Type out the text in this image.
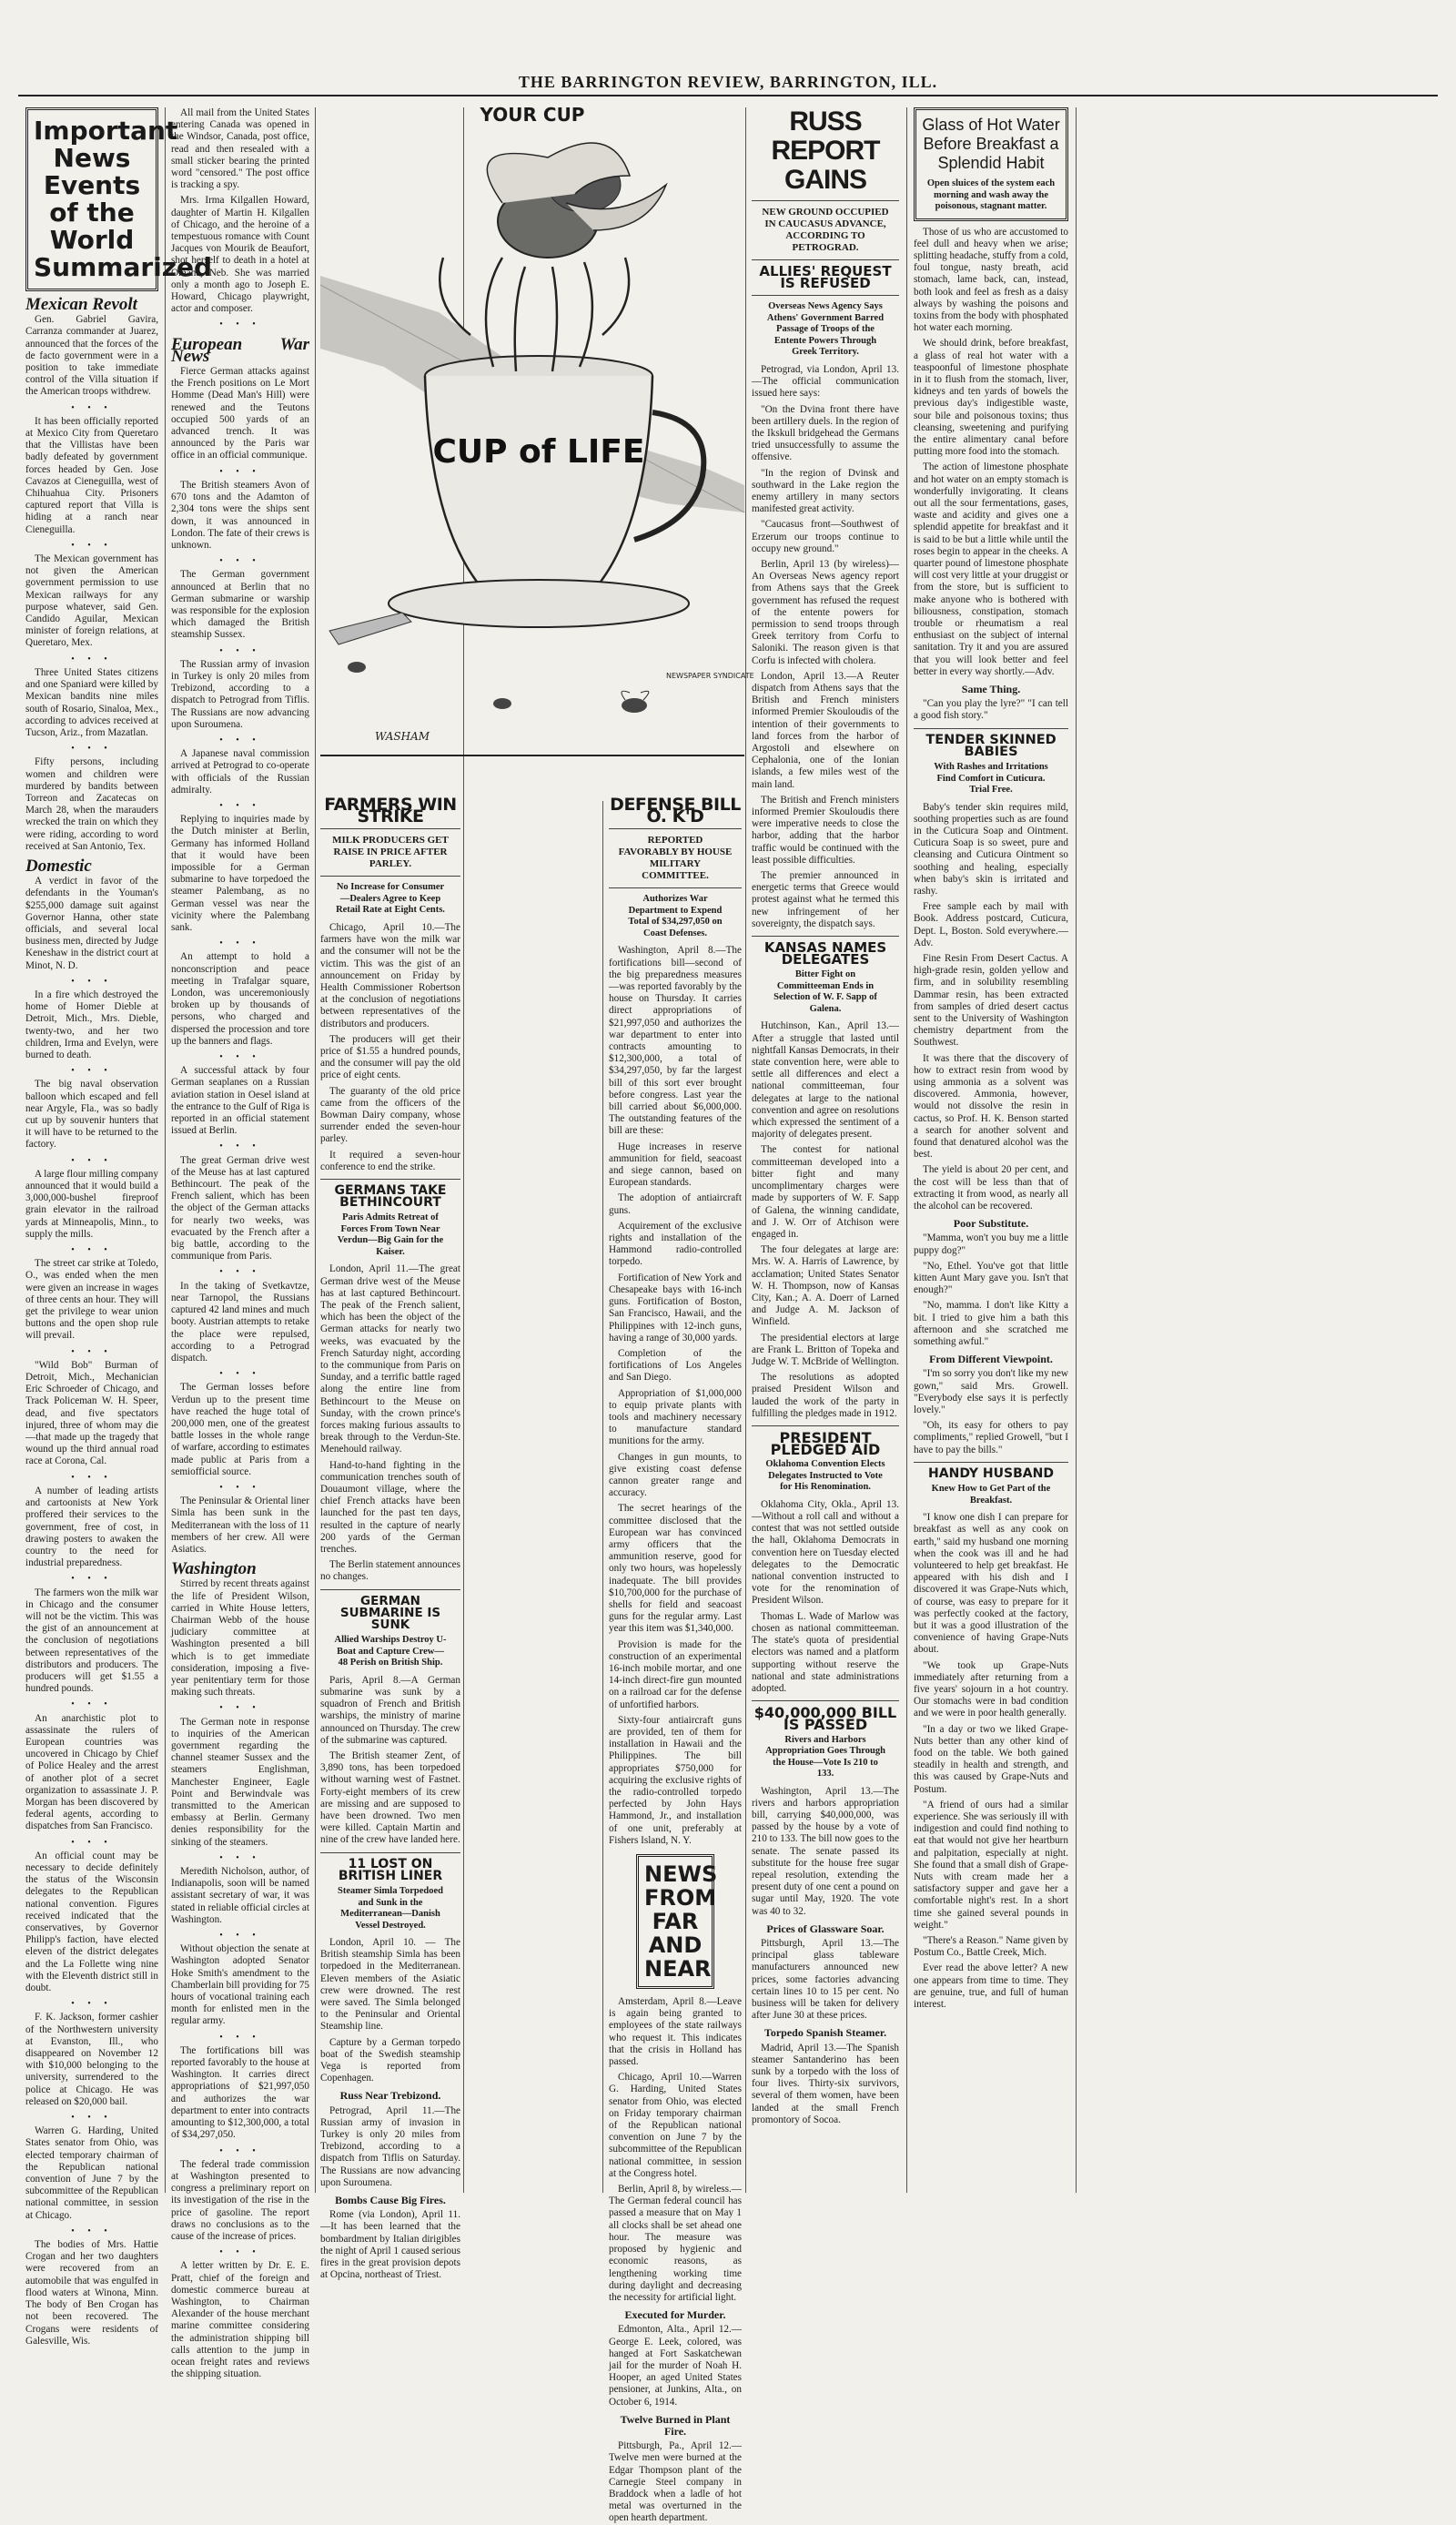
THE BARRINGTON REVIEW, BARRINGTON, ILL.
Important News Events of the World Summarized
Mexican Revolt

Gen. Gabriel Gavira, Carranza commander at Juarez, announced that the forces of the de facto government were in a position to take immediate control of the Villa situation if the American troops withdrew.

• • •

It has been officially reported at Mexico City from Queretaro that the Villistas have been badly defeated by government forces headed by Gen. Jose Cavazos at Cieneguilla, west of Chihuahua City. Prisoners captured report that Villa is hiding at a ranch near Cieneguilla.

• • •

The Mexican government has not given the American government permission to use Mexican railways for any purpose whatever, said Gen. Candido Aguilar, Mexican minister of foreign relations, at Queretaro, Mex.

• • •

Three United States citizens and one Spaniard were killed by Mexican bandits nine miles south of Rosario, Sinaloa, Mex., according to advices received at Tucson, Ariz., from Mazatlan.

• • •

Fifty persons, including women and children were murdered by bandits between Torreon and Zacatecas on March 28, when the marauders wrecked the train on which they were riding, according to word received at San Antonio, Tex.

Domestic

A verdict in favor of the defendants in the Youman's $255,000 damage suit against Governor Hanna, other state officials, and several local business men, directed by Judge Keneshaw in the district court at Minot, N. D.

• • •

In a fire which destroyed the home of Homer Dieble at Detroit, Mich., Mrs. Dieble, twenty-two, and her two children, Irma and Evelyn, were burned to death.

• • •

The big naval observation balloon which escaped and fell near Argyle, Fla., was so badly cut up by souvenir hunters that it will have to be returned to the factory.

• • •

A large flour milling company announced that it would build a 3,000,000-bushel fireproof grain elevator in the railroad yards at Minneapolis, Minn., to supply the mills.

• • •

The street car strike at Toledo, O., was ended when the men were given an increase in wages of three cents an hour. They will get the privilege to wear union buttons and the open shop rule will prevail.

• • •

"Wild Bob" Burman of Detroit, Mich., Mechanician Eric Schroeder of Chicago, and Track Policeman W. H. Speer, dead, and five spectators injured, three of whom may die—that made up the tragedy that wound up the third annual road race at Corona, Cal.

• • •

A number of leading artists and cartoonists at New York proffered their services to the government, free of cost, in drawing posters to awaken the country to the need for industrial preparedness.

• • •

The farmers won the milk war in Chicago and the consumer will not be the victim. This was the gist of an announcement at the conclusion of negotiations between representatives of the distributors and producers. The producers will get $1.55 a hundred pounds.

• • •

An anarchistic plot to assassinate the rulers of European countries was uncovered in Chicago by Chief of Police Healey and the arrest of another plot of a secret organization to assassinate J. P. Morgan has been discovered by federal agents, according to dispatches from San Francisco.

• • •

An official count may be necessary to decide definitely the status of the Wisconsin delegates to the Republican national convention. Figures received indicated that the conservatives, by Governor Philipp's faction, have elected eleven of the district delegates and the La Follette wing nine with the Eleventh district still in doubt.

• • •

F. K. Jackson, former cashier of the Northwestern university at Evanston, Ill., who disappeared on November 12 with $10,000 belonging to the university, surrendered to the police at Chicago. He was released on $20,000 bail.

• • •

Warren G. Harding, United States senator from Ohio, was elected temporary chairman of the Republican national convention of June 7 by the subcommittee of the Republican national committee, in session at Chicago.

• • •

The bodies of Mrs. Hattie Crogan and her two daughters were recovered from an automobile that was engulfed in flood waters at Winona, Minn. The body of Ben Crogan has not been recovered. The Crogans were residents of Galesville, Wis.

All mail from the United States entering Canada was opened in the Windsor, Canada, post office, read and then resealed with a small sticker bearing the printed word "censored." The post office is tracking a spy.

Mrs. Irma Kilgallen Howard, daughter of Martin H. Kilgallen of Chicago, and the heroine of a tempestuous romance with Count Jacques von Mourik de Beaufort, shot herself to death in a hotel at Omaha, Neb. She was married only a month ago to Joseph E. Howard, Chicago playwright, actor and composer.

• • •
European War News

Fierce German attacks against the French positions on Le Mort Homme (Dead Man's Hill) were renewed and the Teutons occupied 500 yards of an advanced trench. It was announced by the Paris war office in an official communique.

• • •

The British steamers Avon of 670 tons and the Adamton of 2,304 tons were the ships sent down, it was announced in London. The fate of their crews is unknown.

• • •

The German government announced at Berlin that no German submarine or warship was responsible for the explosion which damaged the British steamship Sussex.

• • •

The Russian army of invasion in Turkey is only 20 miles from Trebizond, according to a dispatch to Petrograd from Tiflis. The Russians are now advancing upon Suroumena.

• • •

A Japanese naval commission arrived at Petrograd to co-operate with officials of the Russian admiralty.

• • •

Replying to inquiries made by the Dutch minister at Berlin, Germany has informed Holland that it would have been impossible for a German submarine to have torpedoed the steamer Palembang, as no German vessel was near the vicinity where the Palembang sank.

• • •

An attempt to hold a nonconscription and peace meeting in Trafalgar square, London, was unceremoniously broken up by thousands of persons, who charged and dispersed the procession and tore up the banners and flags.

• • •

A successful attack by four German seaplanes on a Russian aviation station in Oesel island at the entrance to the Gulf of Riga is reported in an official statement issued at Berlin.

• • •

The great German drive west of the Meuse has at last captured Bethincourt. The peak of the French salient, which has been the object of the German attacks for nearly two weeks, was evacuated by the French after a big battle, according to the communique from Paris.

• • •

In the taking of Svetkavtze, near Tarnopol, the Russians captured 42 land mines and much booty. Austrian attempts to retake the place were repulsed, according to a Petrograd dispatch.

• • •

The German losses before Verdun up to the present time have reached the huge total of 200,000 men, one of the greatest battle losses in the whole range of warfare, according to estimates made public at Paris from a semiofficial source.

• • •

The Peninsular & Oriental liner Simla has been sunk in the Mediterranean with the loss of 11 members of her crew. All were Asiatics.

Washington

Stirred by recent threats against the life of President Wilson, carried in White House letters, Chairman Webb of the house judiciary committee at Washington presented a bill which is to get immediate consideration, imposing a five-year penitentiary term for those making such threats.

• • •

The German note in response to inquiries of the American government regarding the channel steamer Sussex and the steamers Englishman, Manchester Engineer, Eagle Point and Berwindvale was transmitted to the American embassy at Berlin. Germany denies responsibility for the sinking of the steamers.

• • •

Meredith Nicholson, author, of Indianapolis, soon will be named assistant secretary of war, it was stated in reliable official circles at Washington.

• • •

Without objection the senate at Washington adopted Senator Hoke Smith's amendment to the Chamberlain bill providing for 75 hours of vocational training each month for enlisted men in the regular army.

• • •

The fortifications bill was reported favorably to the house at Washington. It carries direct appropriations of $21,997,050 and authorizes the war department to enter into contracts amounting to $12,300,000, a total of $34,297,050.

• • •

The federal trade commission at Washington presented to congress a preliminary report on its investigation of the rise in the price of gasoline. The report draws no conclusions as to the cause of the increase of prices.

• • •

A letter written by Dr. E. E. Pratt, chief of the foreign and domestic commerce bureau at Washington, to Chairman Alexander of the house merchant marine committee considering the administration shipping bill calls attention to the jump in ocean freight rates and reviews the shipping situation.

YOUR CUP
CUP of LIFE
WASHAM
NEWSPAPER SYNDICATE
FARMERS WIN STRIKE
MILK PRODUCERS GET RAISE IN PRICE AFTER PARLEY.
No Increase for Consumer—Dealers Agree to Keep Retail Rate at Eight Cents.

Chicago, April 10.—The farmers have won the milk war and the consumer will not be the victim. This was the gist of an announcement on Friday by Health Commissioner Robertson at the conclusion of negotiations between representatives of the distributors and producers.

The producers will get their price of $1.55 a hundred pounds, and the consumer will pay the old price of eight cents.

The guaranty of the old price came from the officers of the Bowman Dairy company, whose surrender ended the seven-hour parley.

It required a seven-hour conference to end the strike.

GERMANS TAKE BETHINCOURT
Paris Admits Retreat of Forces From Town Near Verdun—Big Gain for the Kaiser.

London, April 11.—The great German drive west of the Meuse has at last captured Bethincourt. The peak of the French salient, which has been the object of the German attacks for nearly two weeks, was evacuated by the French Saturday night, according to the communique from Paris on Sunday, and a terrific battle raged along the entire line from Bethincourt to the Meuse on Sunday, with the crown prince's forces making furious assaults to break through to the Verdun-Ste. Menehould railway.

Hand-to-hand fighting in the communication trenches south of Douaumont village, where the chief French attacks have been launched for the past ten days, resulted in the capture of nearly 200 yards of the German trenches.

The Berlin statement announces no changes.

GERMAN SUBMARINE IS SUNK
Allied Warships Destroy U-Boat and Capture Crew—48 Perish on British Ship.

Paris, April 8.—A German submarine was sunk by a squadron of French and British warships, the ministry of marine announced on Thursday. The crew of the submarine was captured.

The British steamer Zent, of 3,890 tons, has been torpedoed without warning west of Fastnet. Forty-eight members of its crew are missing and are supposed to have been drowned. Two men were killed. Captain Martin and nine of the crew have landed here.

11 LOST ON BRITISH LINER
Steamer Simla Torpedoed and Sunk in the Mediterranean—Danish Vessel Destroyed.

London, April 10. — The British steamship Simla has been torpedoed in the Mediterranean. Eleven members of the Asiatic crew were drowned. The rest were saved. The Simla belonged to the Peninsular and Oriental Steamship line.

Capture by a German torpedo boat of the Swedish steamship Vega is reported from Copenhagen.

Russ Near Trebizond.

Petrograd, April 11.—The Russian army of invasion in Turkey is only 20 miles from Trebizond, according to a dispatch from Tiflis on Saturday. The Russians are now advancing upon Suroumena.

Bombs Cause Big Fires.

Rome (via London), April 11.—It has been learned that the bombardment by Italian dirigibles the night of April 1 caused serious fires in the great provision depots at Opcina, northeast of Triest.

DEFENSE BILL O. K'D
REPORTED FAVORABLY BY HOUSE MILITARY COMMITTEE.
Authorizes War Department to Expend Total of $34,297,050 on Coast Defenses.

Washington, April 8.—The fortifications bill—second of the big preparedness measures—was reported favorably by the house on Thursday. It carries direct appropriations of $21,997,050 and authorizes the war department to enter into contracts amounting to $12,300,000, a total of $34,297,050, by far the largest bill of this sort ever brought before congress. Last year the bill carried about $6,000,000. The outstanding features of the bill are these:

Huge increases in reserve ammunition for field, seacoast and siege cannon, based on European standards.

The adoption of antiaircraft guns.

Acquirement of the exclusive rights and installation of the Hammond radio-controlled torpedo.

Fortification of New York and Chesapeake bays with 16-inch guns. Fortification of Boston, San Francisco, Hawaii, and the Philippines with 12-inch guns, having a range of 30,000 yards.

Completion of the fortifications of Los Angeles and San Diego.

Appropriation of $1,000,000 to equip private plants with tools and machinery necessary to manufacture standard munitions for the army.

Changes in gun mounts, to give existing coast defense cannon greater range and accuracy.

The secret hearings of the committee disclosed that the European war has convinced army officers that the ammunition reserve, good for only two hours, was hopelessly inadequate. The bill provides $10,700,000 for the purchase of shells for field and seacoast guns for the regular army. Last year this item was $1,340,000.

Provision is made for the construction of an experimental 16-inch mobile mortar, and one 14-inch direct-fire gun mounted on a railroad car for the defense of unfortified harbors.

Sixty-four antiaircraft guns are provided, ten of them for installation in Hawaii and the Philippines. The bill appropriates $750,000 for acquiring the exclusive rights of the radio-controlled torpedo perfected by John Hays Hammond, Jr., and installation of one unit, preferably at Fishers Island, N. Y.

NEWS FROM FAR AND NEAR

Amsterdam, April 8.—Leave is again being granted to employees of the state railways who request it. This indicates that the crisis in Holland has passed.

Chicago, April 10.—Warren G. Harding, United States senator from Ohio, was elected on Friday temporary chairman of the Republican national convention on June 7 by the subcommittee of the Republican national committee, in session at the Congress hotel.

Berlin, April 8, by wireless.—The German federal council has passed a measure that on May 1 all clocks shall be set ahead one hour. The measure was proposed by hygienic and economic reasons, as lengthening working time during daylight and decreasing the necessity for artificial light.

Executed for Murder.

Edmonton, Alta., April 12.—George E. Leek, colored, was hanged at Fort Saskatchewan jail for the murder of Noah H. Hooper, an aged United States pensioner, at Junkins, Alta., on October 6, 1914.

Twelve Burned in Plant Fire.

Pittsburgh, Pa., April 12.—Twelve men were burned at the Edgar Thompson plant of the Carnegie Steel company in Braddock when a ladle of hot metal was overturned in the open hearth department.

RUSS REPORT GAINS
NEW GROUND OCCUPIED IN CAUCASUS ADVANCE, ACCORDING TO PETROGRAD.
ALLIES' REQUEST IS REFUSED
Overseas News Agency Says Athens' Government Barred Passage of Troops of the Entente Powers Through Greek Territory.

Petrograd, via London, April 13.—The official communication issued here says:

"On the Dvina front there have been artillery duels. In the region of the Ikskull bridgehead the Germans tried unsuccessfully to assume the offensive.

"In the region of Dvinsk and southward in the Lake region the enemy artillery in many sectors manifested great activity.

"Caucasus front—Southwest of Erzerum our troops continue to occupy new ground."

Berlin, April 13 (by wireless)—An Overseas News agency report from Athens says that the Greek government has refused the request of the entente powers for permission to send troops through Greek territory from Corfu to Saloniki. The reason given is that Corfu is infected with cholera.

London, April 13.—A Reuter dispatch from Athens says that the British and French ministers informed Premier Skouloudis of the intention of their governments to land forces from the harbor of Argostoli and elsewhere on Cephalonia, one of the Ionian islands, a few miles west of the main land.

The British and French ministers informed Premier Skouloudis there were imperative needs to close the harbor, adding that the harbor traffic would be continued with the least possible difficulties.

The premier announced in energetic terms that Greece would protest against what he termed this new infringement of her sovereignty, the dispatch says.

KANSAS NAMES DELEGATES
Bitter Fight on Committeeman Ends in Selection of W. F. Sapp of Galena.

Hutchinson, Kan., April 13.—After a struggle that lasted until nightfall Kansas Democrats, in their state convention here, were able to settle all differences and elect a national committeeman, four delegates at large to the national convention and agree on resolutions which expressed the sentiment of a majority of delegates present.

The contest for national committeeman developed into a bitter fight and many uncomplimentary charges were made by supporters of W. F. Sapp of Galena, the winning candidate, and J. W. Orr of Atchison were engaged in.

The four delegates at large are: Mrs. W. A. Harris of Lawrence, by acclamation; United States Senator W. H. Thompson, now of Kansas City, Kan.; A. A. Doerr of Larned and Judge A. M. Jackson of Winfield.

The presidential electors at large are Frank L. Britton of Topeka and Judge W. T. McBride of Wellington.

The resolutions as adopted praised President Wilson and lauded the work of the party in fulfilling the pledges made in 1912.

PRESIDENT PLEDGED AID
Oklahoma Convention Elects Delegates Instructed to Vote for His Renomination.

Oklahoma City, Okla., April 13.—Without a roll call and without a contest that was not settled outside the hall, Oklahoma Democrats in convention here on Tuesday elected delegates to the Democratic national convention instructed to vote for the renomination of President Wilson.

Thomas L. Wade of Marlow was chosen as national committeeman. The state's quota of presidential electors was named and a platform supporting without reserve the national and state administrations adopted.

$40,000,000 BILL IS PASSED
Rivers and Harbors Appropriation Goes Through the House—Vote Is 210 to 133.

Washington, April 13.—The rivers and harbors appropriation bill, carrying $40,000,000, was passed by the house by a vote of 210 to 133. The bill now goes to the senate. The senate passed its substitute for the house free sugar repeal resolution, extending the present duty of one cent a pound on sugar until May, 1920. The vote was 40 to 32.

Prices of Glassware Soar.

Pittsburgh, April 13.—The principal glass tableware manufacturers announced new prices, some factories advancing certain lines 10 to 15 per cent. No business will be taken for delivery after June 30 at these prices.

Torpedo Spanish Steamer.

Madrid, April 13.—The Spanish steamer Santanderino has been sunk by a torpedo with the loss of four lives. Thirty-six survivors, several of them women, have been landed at the small French promontory of Socoa.

Glass of Hot Water Before Breakfast a Splendid Habit
Open sluices of the system each morning and wash away the poisonous, stagnant matter.

Those of us who are accustomed to feel dull and heavy when we arise; splitting headache, stuffy from a cold, foul tongue, nasty breath, acid stomach, lame back, can, instead, both look and feel as fresh as a daisy always by washing the poisons and toxins from the body with phosphated hot water each morning.

We should drink, before breakfast, a glass of real hot water with a teaspoonful of limestone phosphate in it to flush from the stomach, liver, kidneys and ten yards of bowels the previous day's indigestible waste, sour bile and poisonous toxins; thus cleansing, sweetening and purifying the entire alimentary canal before putting more food into the stomach.

The action of limestone phosphate and hot water on an empty stomach is wonderfully invigorating. It cleans out all the sour fermentations, gases, waste and acidity and gives one a splendid appetite for breakfast and it is said to be but a little while until the roses begin to appear in the cheeks. A quarter pound of limestone phosphate will cost very little at your druggist or from the store, but is sufficient to make anyone who is bothered with biliousness, constipation, stomach trouble or rheumatism a real enthusiast on the subject of internal sanitation. Try it and you are assured that you will look better and feel better in every way shortly.—Adv.

Same Thing.

"Can you play the lyre?" "I can tell a good fish story."

TENDER SKINNED BABIES
With Rashes and Irritations Find Comfort in Cuticura. Trial Free.

Baby's tender skin requires mild, soothing properties such as are found in the Cuticura Soap and Ointment. Cuticura Soap is so sweet, pure and cleansing and Cuticura Ointment so soothing and healing, especially when baby's skin is irritated and rashy.

Free sample each by mail with Book. Address postcard, Cuticura, Dept. L, Boston. Sold everywhere.—Adv.

Fine Resin From Desert Cactus. A high-grade resin, golden yellow and firm, and in solubility resembling Dammar resin, has been extracted from samples of dried desert cactus sent to the University of Washington chemistry department from the Southwest.

It was there that the discovery of how to extract resin from wood by using ammonia as a solvent was discovered. Ammonia, however, would not dissolve the resin in cactus, so Prof. H. K. Benson started a search for another solvent and found that denatured alcohol was the best.

The yield is about 20 per cent, and the cost will be less than that of extracting it from wood, as nearly all the alcohol can be recovered.

Poor Substitute.

"Mamma, won't you buy me a little puppy dog?"

"No, Ethel. You've got that little kitten Aunt Mary gave you. Isn't that enough?"

"No, mamma. I don't like Kitty a bit. I tried to give him a bath this afternoon and she scratched me something awful."

From Different Viewpoint.

"I'm so sorry you don't like my new gown," said Mrs. Growell. "Everybody else says it is perfectly lovely."

"Oh, its easy for others to pay compliments," replied Growell, "but I have to pay the bills."

HANDY HUSBAND
Knew How to Get Part of the Breakfast.

"I know one dish I can prepare for breakfast as well as any cook on earth," said my husband one morning when the cook was ill and he had volunteered to help get breakfast. He appeared with his dish and I discovered it was Grape-Nuts which, of course, was easy to prepare for it was perfectly cooked at the factory, but it was a good illustration of the convenience of having Grape-Nuts about.

"We took up Grape-Nuts immediately after returning from a five years' sojourn in a hot country. Our stomachs were in bad condition and we were in poor health generally.

"In a day or two we liked Grape-Nuts better than any other kind of food on the table. We both gained steadily in health and strength, and this was caused by Grape-Nuts and Postum.

"A friend of ours had a similar experience. She was seriously ill with indigestion and could find nothing to eat that would not give her heartburn and palpitation, especially at night. She found that a small dish of Grape-Nuts with cream made her a satisfactory supper and gave her a comfortable night's rest. In a short time she gained several pounds in weight."

"There's a Reason." Name given by Postum Co., Battle Creek, Mich.

Ever read the above letter? A new one appears from time to time. They are genuine, true, and full of human interest.
